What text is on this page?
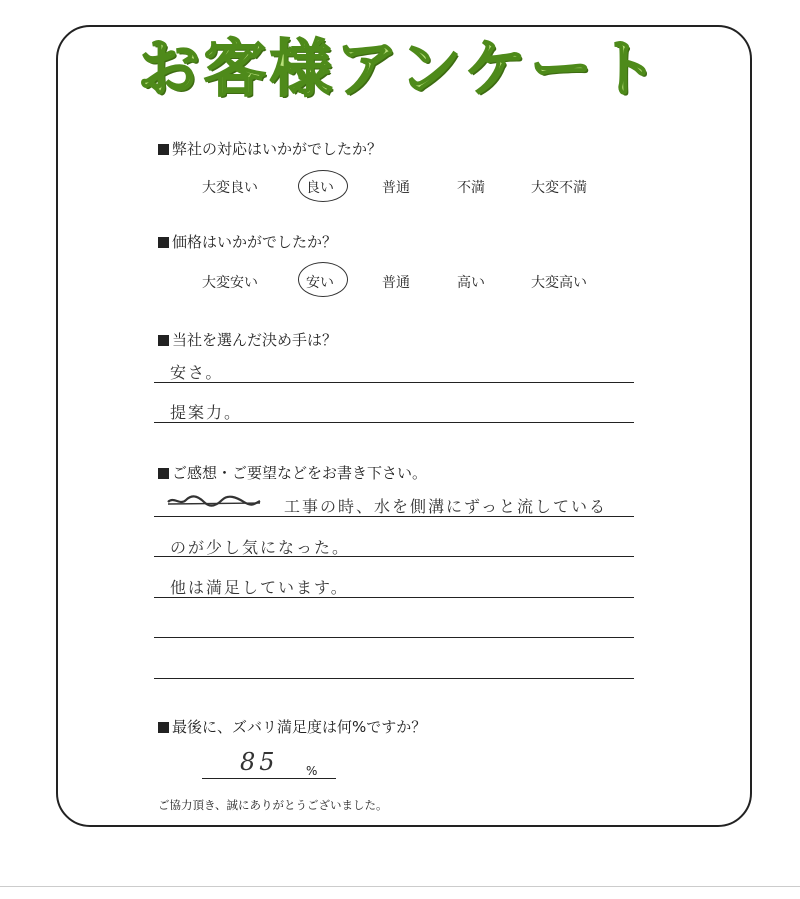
お客様アンケート
弊社の対応はいかがでしたか？
大変良い	良い	普通	不満	大変不満
価格はいかがでしたか？
大変安い	安い	普通	高い	大変高い
当社を選んだ決め手は？
安さ。
提案力。
ご感想・ご要望などをお書き下さい。
工事の時、水を側溝にずっと流している
のが少し気になった。
他は満足しています。
最後に、ズバリ満足度は何%ですか？
85 %
ご協力頂き、誠にありがとうございました。
